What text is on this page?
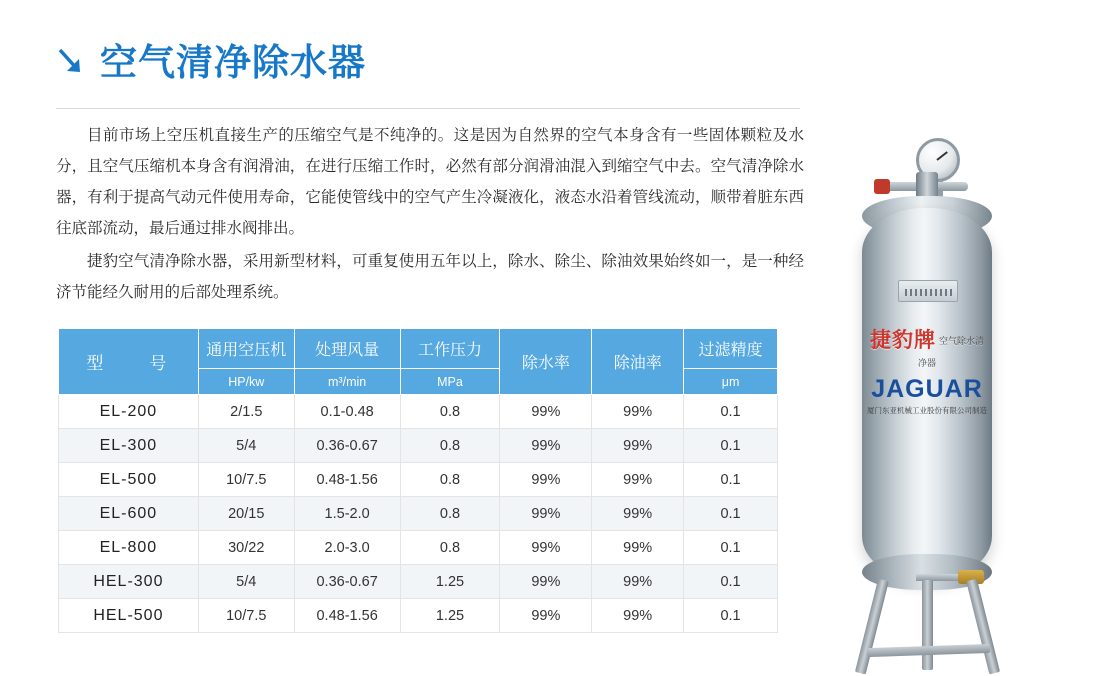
空气清净除水器

目前市场上空压机直接生产的压缩空气是不纯净的。这是因为自然界的空气本身含有一些固体颗粒及水分，且空气压缩机本身含有润滑油，在进行压缩工作时，必然有部分润滑油混入到缩空气中去。空气清净除水器，有利于提高气动元件使用寿命，它能使管线中的空气产生冷凝液化，液态水沿着管线流动，顺带着脏东西往底部流动，最后通过排水阀排出。

捷豹空气清净除水器，采用新型材料，可重复使用五年以上，除水、除尘、除油效果始终如一，是一种经济节能经久耐用的后部处理系统。

型　　号	通用空压机	处理风量	工作压力	除水率	除油率	过滤精度
	HP/kw	m³/min	MPa			μm
EL-200	2/1.5	0.1-0.48	0.8	99%	99%	0.1
EL-300	5/4	0.36-0.67	0.8	99%	99%	0.1
EL-500	10/7.5	0.48-1.56	0.8	99%	99%	0.1
EL-600	20/15	1.5-2.0	0.8	99%	99%	0.1
EL-800	30/22	2.0-3.0	0.8	99%	99%	0.1
HEL-300	5/4	0.36-0.67	1.25	99%	99%	0.1
HEL-500	10/7.5	0.48-1.56	1.25	99%	99%	0.1
捷豹牌 空气除水清净器
JAGUAR
厦门东亚机械工业股份有限公司制造
